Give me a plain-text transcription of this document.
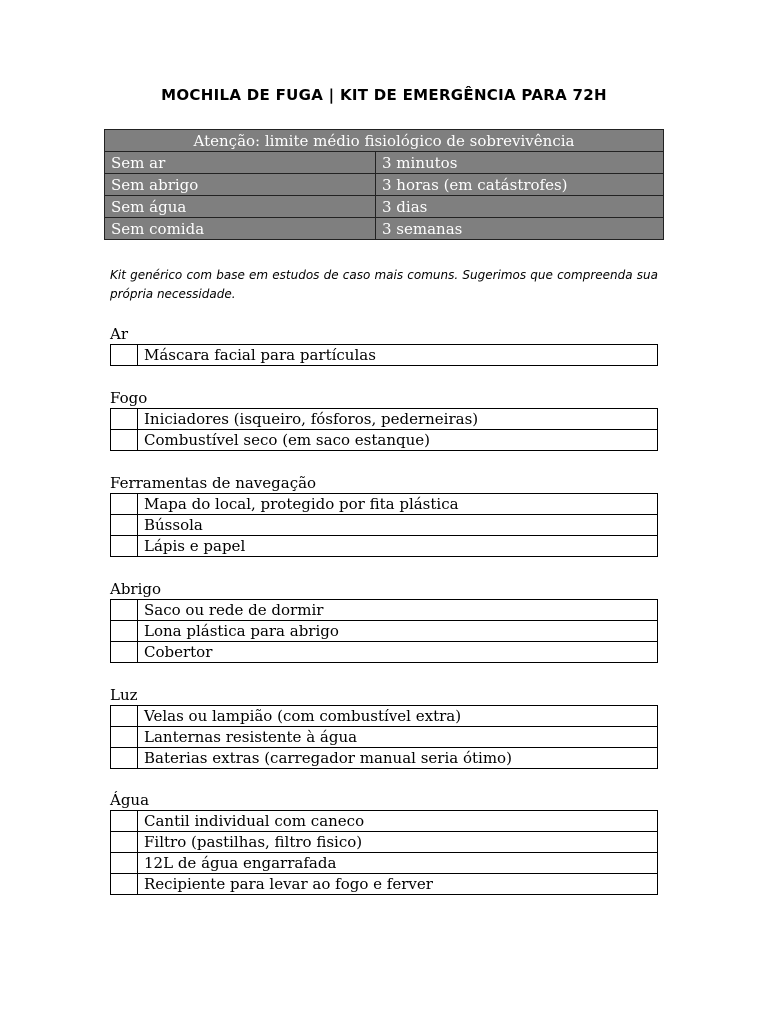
MOCHILA DE FUGA | KIT DE EMERGÊNCIA PARA 72H
Atenção: limite médio fisiológico de sobrevivência	
Sem ar	3 minutos
Sem abrigo	3 horas (em catástrofes)
Sem água	3 dias
Sem comida	3 semanas
Kit genérico com base em estudos de caso mais comuns. Sugerimos que compreenda sua própria necessidade.
Ar
	Máscara facial para partículas
Fogo
	Iniciadores (isqueiro, fósforos, pederneiras)
	Combustível seco (em saco estanque)
Ferramentas de navegação
	Mapa do local, protegido por fita plástica
	Bússola
	Lápis e papel
Abrigo
	Saco ou rede de dormir
	Lona plástica para abrigo
	Cobertor
Luz
	Velas ou lampião (com combustível extra)
	Lanternas resistente à água
	Baterias extras (carregador manual seria ótimo)
Água
	Cantil individual com caneco
	Filtro (pastilhas, filtro fisico)
	12L de água engarrafada
	Recipiente para levar ao fogo e ferver
